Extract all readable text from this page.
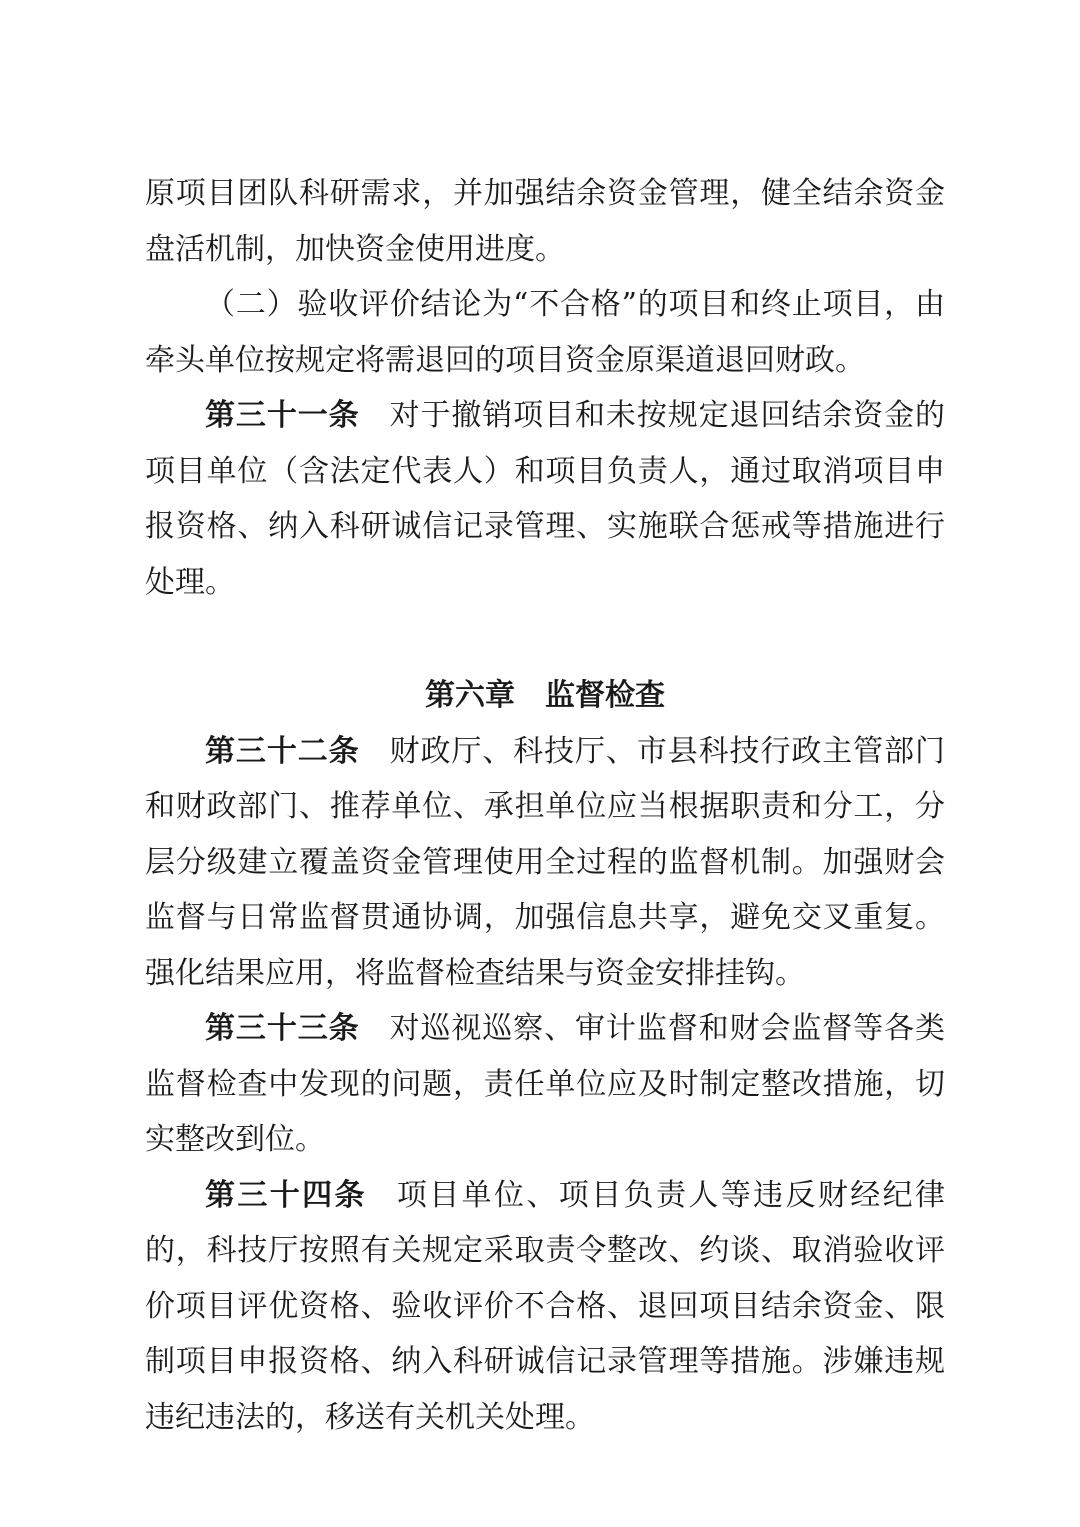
原项目团队科研需求，并加强结余资金管理，健全结余资金盘活机制，加快资金使用进度。

（二）验收评价结论为“不合格”的项目和终止项目，由牵头单位按规定将需退回的项目资金原渠道退回财政。

第三十一条 对于撤销项目和未按规定退回结余资金的项目单位（含法定代表人）和项目负责人，通过取消项目申报资格、纳入科研诚信记录管理、实施联合惩戒等措施进行处理。

第六章 监督检查

第三十二条 财政厅、科技厅、市县科技行政主管部门和财政部门、推荐单位、承担单位应当根据职责和分工，分层分级建立覆盖资金管理使用全过程的监督机制。加强财会监督与日常监督贯通协调，加强信息共享，避免交叉重复。强化结果应用，将监督检查结果与资金安排挂钩。

第三十三条 对巡视巡察、审计监督和财会监督等各类监督检查中发现的问题，责任单位应及时制定整改措施，切实整改到位。

第三十四条 项目单位、项目负责人等违反财经纪律的，科技厅按照有关规定采取责令整改、约谈、取消验收评价项目评优资格、验收评价不合格、退回项目结余资金、限制项目申报资格、纳入科研诚信记录管理等措施。涉嫌违规违纪违法的，移送有关机关处理。
